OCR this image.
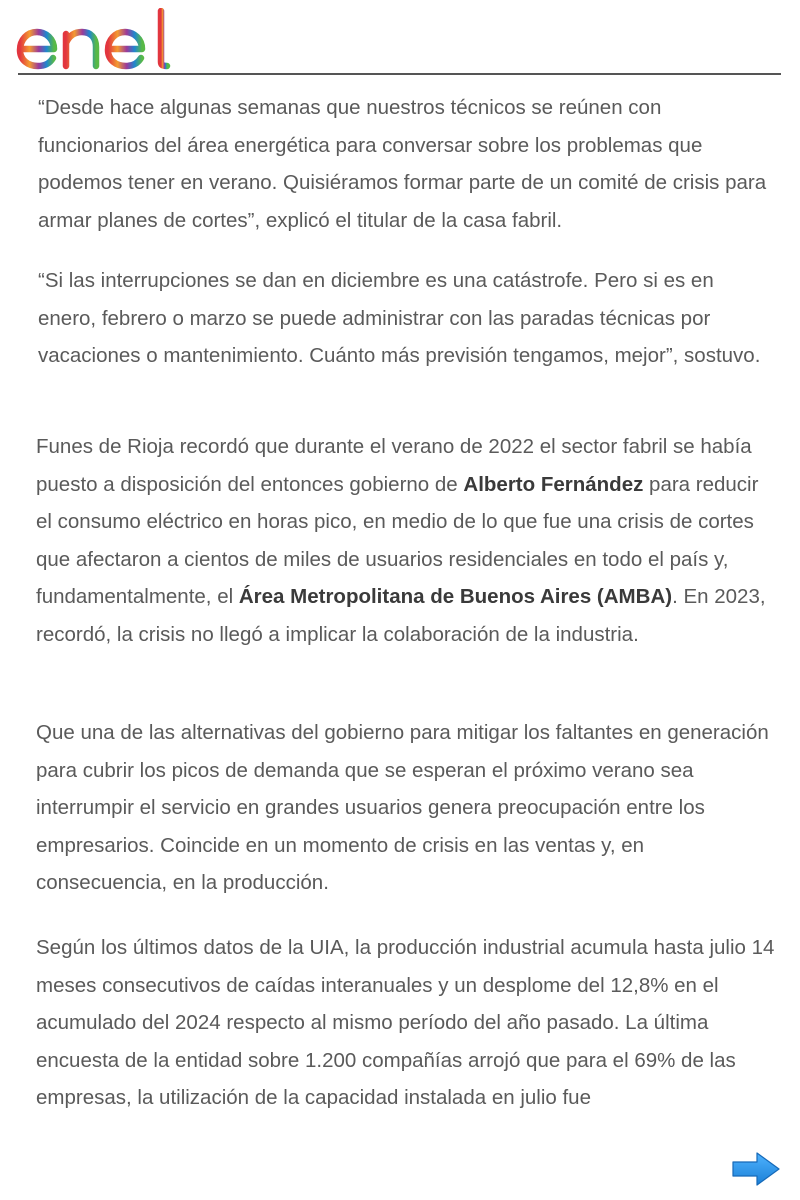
“Desde hace algunas semanas que nuestros técnicos se reúnen con funcionarios del área energética para conversar sobre los problemas que podemos tener en verano. Quisiéramos formar parte de un comité de crisis para armar planes de cortes”, explicó el titular de la casa fabril.

“Si las interrupciones se dan en diciembre es una catástrofe. Pero si es en enero, febrero o marzo se puede administrar con las paradas técnicas por vacaciones o mantenimiento. Cuánto más previsión tengamos, mejor”, sostuvo.

Funes de Rioja recordó que durante el verano de 2022 el sector fabril se había puesto a disposición del entonces gobierno de Alberto Fernández para reducir el consumo eléctrico en horas pico, en medio de lo que fue una crisis de cortes que afectaron a cientos de miles de usuarios residenciales en todo el país y, fundamentalmente, el Área Metropolitana de Buenos Aires (AMBA). En 2023, recordó, la crisis no llegó a implicar la colaboración de la industria.

Que una de las alternativas del gobierno para mitigar los faltantes en generación para cubrir los picos de demanda que se esperan el próximo verano sea interrumpir el servicio en grandes usuarios genera preocupación entre los empresarios. Coincide en un momento de crisis en las ventas y, en consecuencia, en la producción.

Según los últimos datos de la UIA, la producción industrial acumula hasta julio 14 meses consecutivos de caídas interanuales y un desplome del 12,8% en el acumulado del 2024 respecto al mismo período del año pasado. La última encuesta de la entidad sobre 1.200 compañías arrojó que para el 69% de las empresas, la utilización de la capacidad instalada en julio fue
